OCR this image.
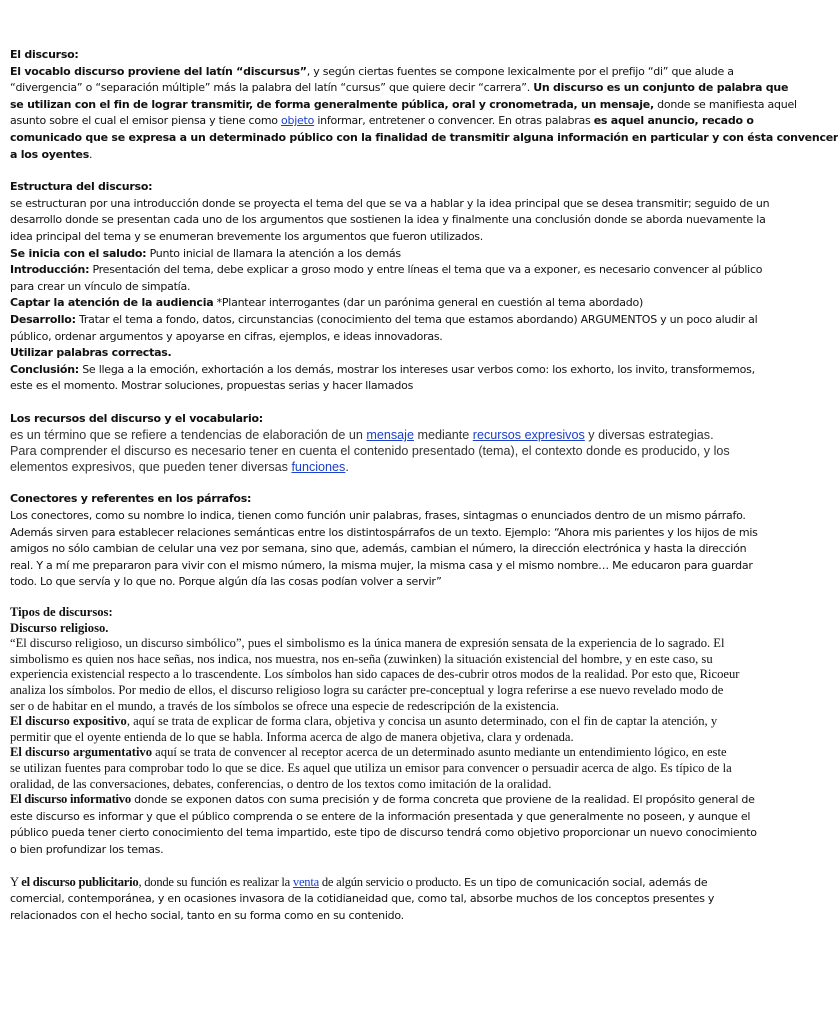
El discurso:
El vocablo discurso proviene del latín “discursus”, y según ciertas fuentes se compone lexicalmente por el prefijo “di” que alude a
“divergencia” o “separación múltiple” más la palabra del latín “cursus” que quiere decir “carrera”. Un discurso es un conjunto de palabra que
se utilizan con el fin de lograr transmitir, de forma generalmente pública, oral y cronometrada, un mensaje, donde se manifiesta aquel
asunto sobre el cual el emisor piensa y tiene como objeto informar, entretener o convencer. En otras palabras es aquel anuncio, recado o
comunicado que se expresa a un determinado público con la finalidad de transmitir alguna información en particular y con ésta convencer
a los oyentes.
Estructura del discurso:
se estructuran por una introducción donde se proyecta el tema del que se va a hablar y la idea principal que se desea transmitir; seguido de un
desarrollo donde se presentan cada uno de los argumentos que sostienen la idea y finalmente una conclusión donde se aborda nuevamente la
idea principal del tema y se enumeran brevemente los argumentos que fueron utilizados.
Se inicia con el saludo: Punto inicial de llamara la atención a los demás
Introducción: Presentación del tema, debe explicar a groso modo y entre líneas el tema que va a exponer, es necesario convencer al público
para crear un vínculo de simpatía.
Captar la atención de la audiencia *Plantear interrogantes (dar un parónima general en cuestión al tema abordado)
Desarrollo: Tratar el tema a fondo, datos, circunstancias (conocimiento del tema que estamos abordando) ARGUMENTOS y un poco aludir al
público, ordenar argumentos y apoyarse en cifras, ejemplos, e ideas innovadoras.
Utilizar palabras correctas.
Conclusión: Se llega a la emoción, exhortación a los demás, mostrar los intereses usar verbos como: los exhorto, los invito, transformemos,
este es el momento. Mostrar soluciones, propuestas serias y hacer llamados
Los recursos del discurso y el vocabulario:
es un término que se refiere a tendencias de elaboración de un mensaje mediante recursos expresivos y diversas estrategias.
Para comprender el discurso es necesario tener en cuenta el contenido presentado (tema), el contexto donde es producido, y los
elementos expresivos, que pueden tener diversas funciones.
Conectores y referentes en los párrafos:
Los conectores, como su nombre lo indica, tienen como función unir palabras, frases, sintagmas o enunciados dentro de un mismo párrafo.
Además sirven para establecer relaciones semánticas entre los distintospárrafos de un texto. Ejemplo: “Ahora mis parientes y los hijos de mis
amigos no sólo cambian de celular una vez por semana, sino que, además, cambian el número, la dirección electrónica y hasta la dirección
real. Y a mí me prepararon para vivir con el mismo número, la misma mujer, la misma casa y el mismo nombre… Me educaron para guardar
todo. Lo que servía y lo que no. Porque algún día las cosas podían volver a servir”
Tipos de discursos:
Discurso religioso.
“El discurso religioso, un discurso simbólico”, pues el simbolismo es la única manera de expresión sensata de la experiencia de lo sagrado. El
simbolismo es quien nos hace señas, nos indica, nos muestra, nos en-seña (zuwinken) la situación existencial del hombre, y en este caso, su
experiencia existencial respecto a lo trascendente. Los símbolos han sido capaces de des-cubrir otros modos de la realidad. Por esto que, Ricoeur
analiza los símbolos. Por medio de ellos, el discurso religioso logra su carácter pre-conceptual y logra referirse a ese nuevo revelado modo de
ser o de habitar en el mundo, a través de los símbolos se ofrece una especie de redescripción de la existencia.
El discurso expositivo, aquí se trata de explicar de forma clara, objetiva y concisa un asunto determinado, con el fin de captar la atención, y
permitir que el oyente entienda de lo que se habla. Informa acerca de algo de manera objetiva, clara y ordenada.
El discurso argumentativo aquí se trata de convencer al receptor acerca de un determinado asunto mediante un entendimiento lógico, en este
se utilizan fuentes para comprobar todo lo que se dice. Es aquel que utiliza un emisor para convencer o persuadir acerca de algo. Es típico de la
oralidad, de las conversaciones, debates, conferencias, o dentro de los textos como imitación de la oralidad.
El discurso informativo donde se exponen datos con suma precisión y de forma concreta que proviene de la realidad. El propósito general de
este discurso es informar y que el público comprenda o se entere de la información presentada y que generalmente no poseen, y aunque el
público pueda tener cierto conocimiento del tema impartido, este tipo de discurso tendrá como objetivo proporcionar un nuevo conocimiento
o bien profundizar los temas.
Y el discurso publicitario, donde su función es realizar la venta de algún servicio o producto. Es un tipo de comunicación social, además de
comercial, contemporánea, y en ocasiones invasora de la cotidianeidad que, como tal, absorbe muchos de los conceptos presentes y
relacionados con el hecho social, tanto en su forma como en su contenido.
